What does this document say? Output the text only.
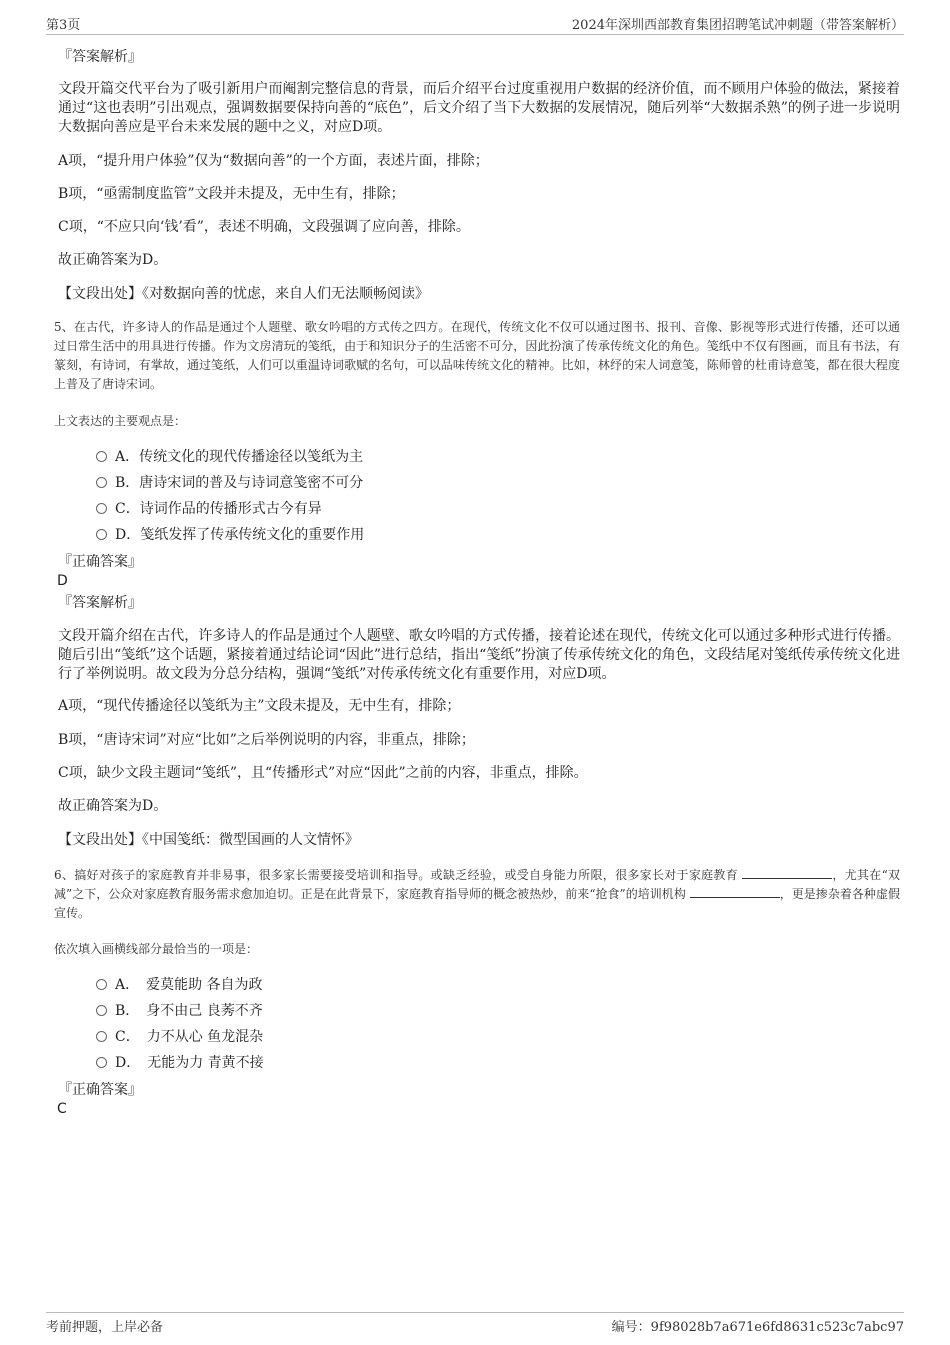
第3页	2024年深圳西部教育集团招聘笔试冲刺题（带答案解析）
『答案解析』

文段开篇交代平台为了吸引新用户而阉割完整信息的背景，而后介绍平台过度重视用户数据的经济价值，而不顾用户体验的做法，紧接着通过“这也表明”引出观点，强调数据要保持向善的“底色”，后文介绍了当下大数据的发展情况，随后列举“大数据杀熟”的例子进一步说明大数据向善应是平台未来发展的题中之义，对应D项。

A项，“提升用户体验”仅为“数据向善”的一个方面，表述片面，排除；

B项，“亟需制度监管”文段并未提及，无中生有，排除；

C项，“不应只向‘钱’看”，表述不明确，文段强调了应向善，排除。

故正确答案为D。

【文段出处】《对数据向善的忧虑，来自人们无法顺畅阅读》

5、在古代，许多诗人的作品是通过个人题壁、歌女吟唱的方式传之四方。在现代，传统文化不仅可以通过图书、报刊、音像、影视等形式进行传播，还可以通过日常生活中的用具进行传播。作为文房清玩的笺纸，由于和知识分子的生活密不可分，因此扮演了传承传统文化的角色。笺纸中不仅有图画，而且有书法，有篆刻，有诗词，有掌故，通过笺纸，人们可以重温诗词歌赋的名句，可以品味传统文化的精神。比如，林纾的宋人词意笺，陈师曾的杜甫诗意笺，都在很大程度上普及了唐诗宋词。

上文表达的主要观点是：

A．传统文化的现代传播途径以笺纸为主
B．唐诗宋词的普及与诗词意笺密不可分
C．诗词作品的传播形式古今有异
D．笺纸发挥了传承传统文化的重要作用
『正确答案』
D
『答案解析』

文段开篇介绍在古代，许多诗人的作品是通过个人题壁、歌女吟唱的方式传播，接着论述在现代，传统文化可以通过多种形式进行传播。随后引出“笺纸”这个话题，紧接着通过结论词“因此”进行总结，指出“笺纸”扮演了传承传统文化的角色，文段结尾对笺纸传承传统文化进行了举例说明。故文段为分总分结构，强调“笺纸”对传承传统文化有重要作用，对应D项。

A项，“现代传播途径以笺纸为主”文段未提及，无中生有，排除；

B项，“唐诗宋词”对应“比如”之后举例说明的内容，非重点，排除；

C项，缺少文段主题词“笺纸”，且“传播形式”对应“因此”之前的内容，非重点，排除。

故正确答案为D。

【文段出处】《中国笺纸：微型国画的人文情怀》

6、搞好对孩子的家庭教育并非易事，很多家长需要接受培训和指导。或缺乏经验，或受自身能力所限，很多家长对于家庭教育	，尤其在“双减”之下，公众对家庭教育服务需求愈加迫切。正是在此背景下，家庭教育指导师的概念被热炒，前来“抢食”的培训机构	，更是掺杂着各种虚假宣传。

依次填入画横线部分最恰当的一项是：

A．　爱莫能助 各自为政
B．　身不由己 良莠不齐
C．　力不从心 鱼龙混杂
D．　无能为力 青黄不接
『正确答案』
C
考前押题，上岸必备	编号：9f98028b7a671e6fd8631c523c7abc97
